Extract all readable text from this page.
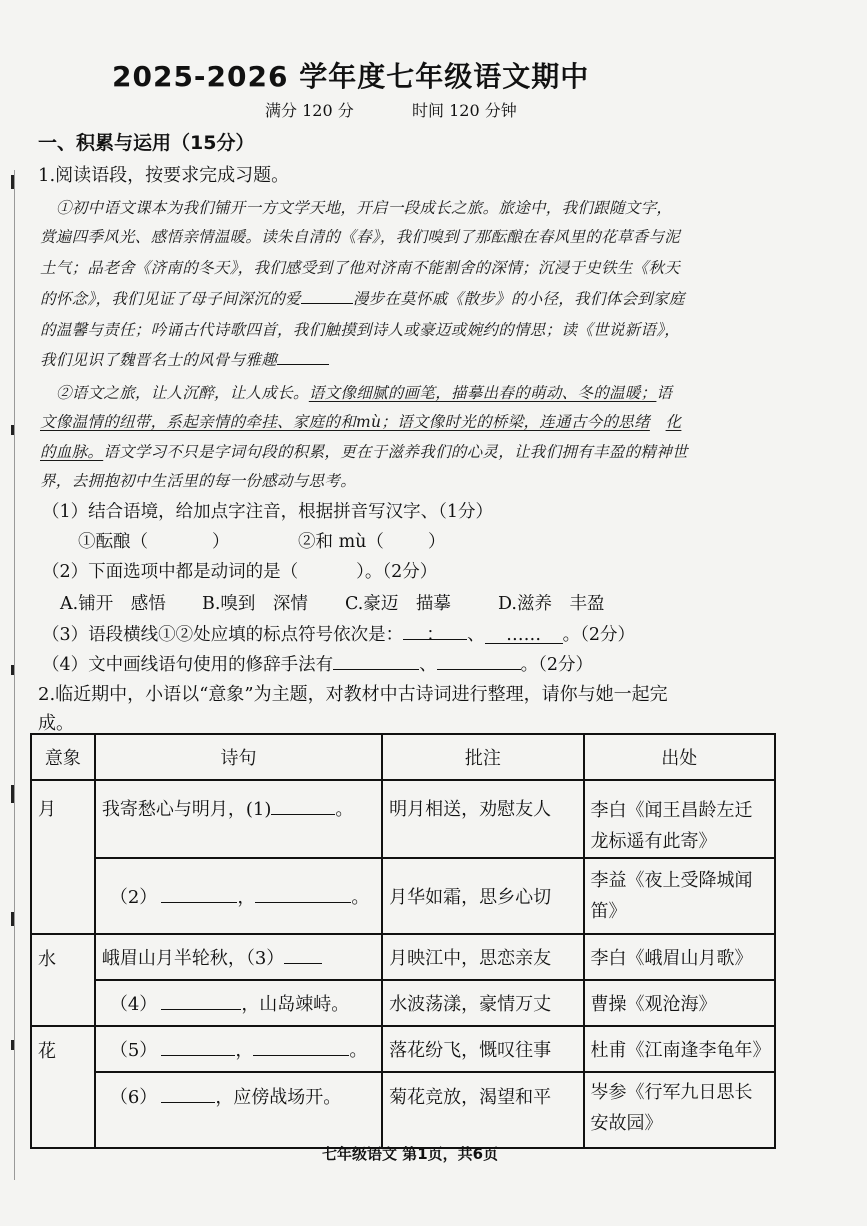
2025-2026 学年度七年级语文期中
满分 120 分	时间 120 分钟
一、积累与运用（15分）
1.阅读语段，按要求完成习题。
①初中语文课本为我们铺开一方文学天地，开启一段成长之旅。旅途中，我们跟随文字，
赏遍四季风光、感悟亲情温暖。读朱自清的《春》，我们嗅到了那酝酿在春风里的花草香与泥
土气；品老舍《济南的冬天》，我们感受到了他对济南不能割舍的深情；沉浸于史铁生《秋天
的怀念》，我们见证了母子间深沉的爱	漫步在莫怀戚《散步》的小径，我们体会到家庭
的温馨与责任；吟诵古代诗歌四首，我们触摸到诗人或豪迈或婉约的情思；读《世说新语》，
我们见识了魏晋名士的风骨与雅趣
②语文之旅，让人沉醉，让人成长。语文像细腻的画笔，描摹出春的萌动、冬的温暖；语
文像温情的纽带，系起亲情的牵挂、家庭的和mù；语文像时光的桥梁，连通古今的思绪 化
的血脉。语文学习不只是字词句段的积累，更在于滋养我们的心灵，让我们拥有丰盈的精神世
界，去拥抱初中生活里的每一份感动与思考。
（1）结合语境，给加点字注音，根据拼音写汉字、（1分）
①酝酿（	）	②和 mù（	）
（2）下面选项中都是动词的是（	）。（2分）
A.铺开　感悟 B.嗅到　深情 C.豪迈　描摹	D.滋养　丰盈
（3）语段横线①②处应填的标点符号依次是： ： 、 …… 。（2分）
（4）文中画线语句使用的修辞手法有	、	。（2分）
2.临近期中，小语以“意象”为主题，对教材中古诗词进行整理，请你与她一起完
成。
意象	诗句	批注	出处
月	我寄愁心与明月，(1) 。	明月相送，劝慰友人	李白《闻王昌龄左迁
龙标遥有此寄》

	（2） ， 。	月华如霜，思乡心切	李益《夜上受降城闻
笛》

水	峨眉山月半轮秋，（3）	月映江中，思恋亲友	李白《峨眉山月歌》
	（4） ，山岛竦峙。	水波荡漾，豪情万丈	曹操《观沧海》
花	（5） ， 。	落花纷飞，慨叹往事	杜甫《江南逢李龟年》
	（6） ，应傍战场开。	菊花竞放，渴望和平	岑参《行军九日思长
安故园》
七年级语文 第1页，共6页
